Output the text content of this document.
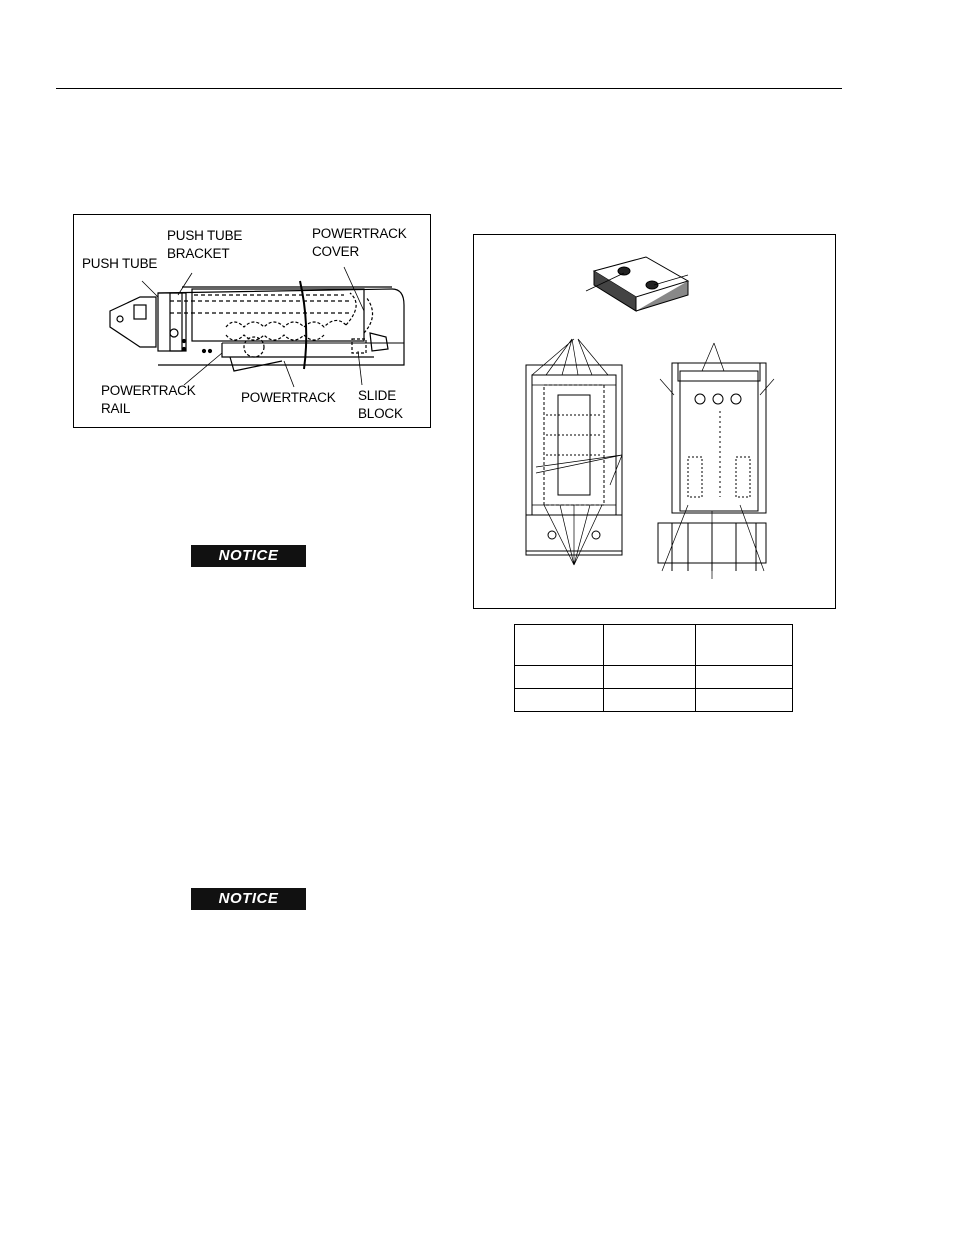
PUSH TUBE
PUSH TUBE
BRACKET
POWERTRACK
COVER
POWERTRACK
RAIL
POWERTRACK SLIDE
BLOCK
NOTICE
NOTICE
